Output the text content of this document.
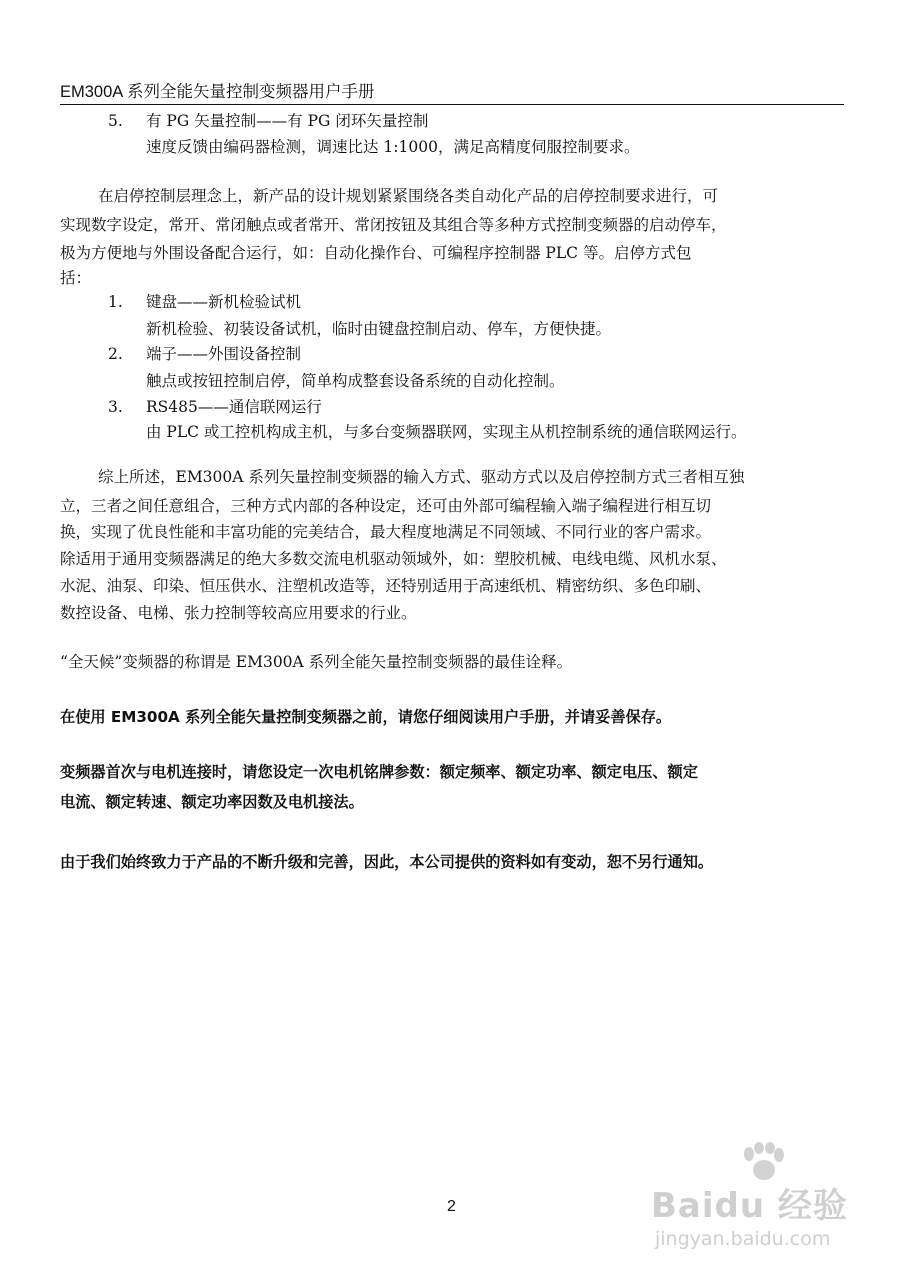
EM300A 系列全能矢量控制变频器用户手册
5. 有 PG 矢量控制——有 PG 闭环矢量控制
速度反馈由编码器检测，调速比达 1:1000，满足高精度伺服控制要求。
在启停控制层理念上，新产品的设计规划紧紧围绕各类自动化产品的启停控制要求进行，可
实现数字设定，常开、常闭触点或者常开、常闭按钮及其组合等多种方式控制变频器的启动停车，
极为方便地与外围设备配合运行，如：自动化操作台、可编程序控制器 PLC 等。启停方式包
括：
1. 键盘——新机检验试机
新机检验、初装设备试机，临时由键盘控制启动、停车，方便快捷。
2. 端子——外围设备控制
触点或按钮控制启停，简单构成整套设备系统的自动化控制。
3. RS485——通信联网运行
由 PLC 或工控机构成主机，与多台变频器联网，实现主从机控制系统的通信联网运行。
综上所述，EM300A 系列矢量控制变频器的输入方式、驱动方式以及启停控制方式三者相互独
立，三者之间任意组合，三种方式内部的各种设定，还可由外部可编程输入端子编程进行相互切
换，实现了优良性能和丰富功能的完美结合，最大程度地满足不同领域、不同行业的客户需求。
除适用于通用变频器满足的绝大多数交流电机驱动领域外，如：塑胶机械、电线电缆、风机水泵、
水泥、油泵、印染、恒压供水、注塑机改造等，还特别适用于高速纸机、精密纺织、多色印刷、
数控设备、电梯、张力控制等较高应用要求的行业。
“全天候”变频器的称谓是 EM300A 系列全能矢量控制变频器的最佳诠释。
在使用 EM300A 系列全能矢量控制变频器之前，请您仔细阅读用户手册，并请妥善保存。
变频器首次与电机连接时，请您设定一次电机铭牌参数：额定频率、额定功率、额定电压、额定
电流、额定转速、额定功率因数及电机接法。
由于我们始终致力于产品的不断升级和完善，因此，本公司提供的资料如有变动，恕不另行通知。
2	Baidu 经验
jingyan.baidu.com
